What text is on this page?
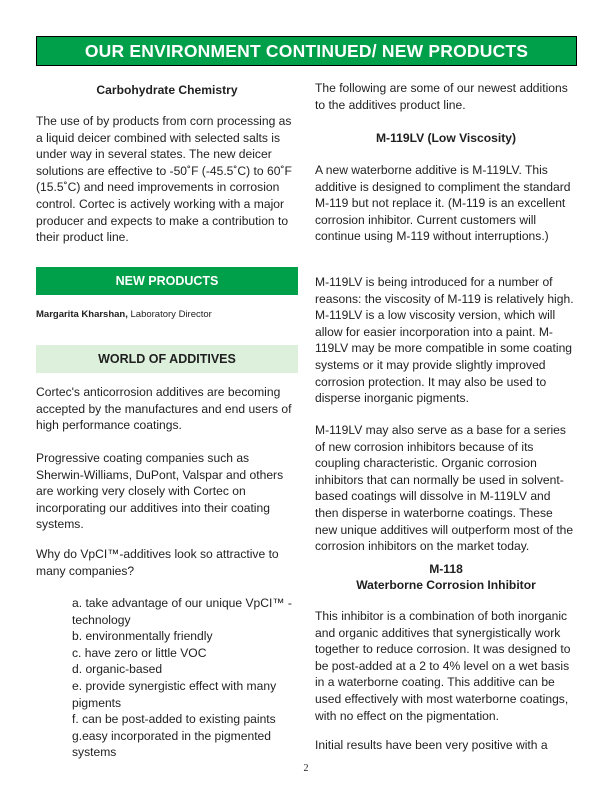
OUR ENVIRONMENT CONTINUED/ NEW PRODUCTS

Carbohydrate Chemistry

The use of by products from corn processing as a liquid deicer combined with selected salts is under way in several states. The new deicer solutions are effective to -50˚F (-45.5˚C) to 60˚F (15.5˚C) and need improvements in corrosion control. Cortec is actively working with a major producer and expects to make a contribution to their product line.

NEW PRODUCTS

Margarita Kharshan, Laboratory Director

WORLD OF ADDITIVES

Cortec's anticorrosion additives are becoming accepted by the manufactures and end users of high performance coatings.

Progressive coating companies such as Sherwin-Williams, DuPont, Valspar and others are working very closely with Cortec on incorporating our additives into their coating systems.

Why do VpCI™-additives look so attractive to many companies?

a. take advantage of our unique VpCI™ - technology
b. environmentally friendly
c. have zero or little VOC
d. organic-based
e. provide synergistic effect with many pigments
f. can be post-added to existing paints
g.easy incorporated in the pigmented systems

The following are some of our newest additions to the additives product line.

M-119LV (Low Viscosity)

A new waterborne additive is M-119LV. This additive is designed to compliment the standard M-119 but not replace it. (M-119 is an excellent corrosion inhibitor. Current customers will continue using M-119 without interruptions.)

M-119LV is being introduced for a number of reasons: the viscosity of M-119 is relatively high. M-119LV is a low viscosity version, which will allow for easier incorporation into a paint. M-119LV may be more compatible in some coating systems or it may provide slightly improved corrosion protection. It may also be used to disperse inorganic pigments.

M-119LV may also serve as a base for a series of new corrosion inhibitors because of its coupling characteristic. Organic corrosion inhibitors that can normally be used in solvent-based coatings will dissolve in M-119LV and then disperse in waterborne coatings. These new unique additives will outperform most of the corrosion inhibitors on the market today.

M-118

Waterborne Corrosion Inhibitor

This inhibitor is a combination of both inorganic and organic additives that synergistically work together to reduce corrosion. It was designed to be post-added at a 2 to 4% level on a wet basis in a waterborne coating. This additive can be used effectively with most waterborne coatings, with no effect on the pigmentation.

Initial results have been very positive with a

2
